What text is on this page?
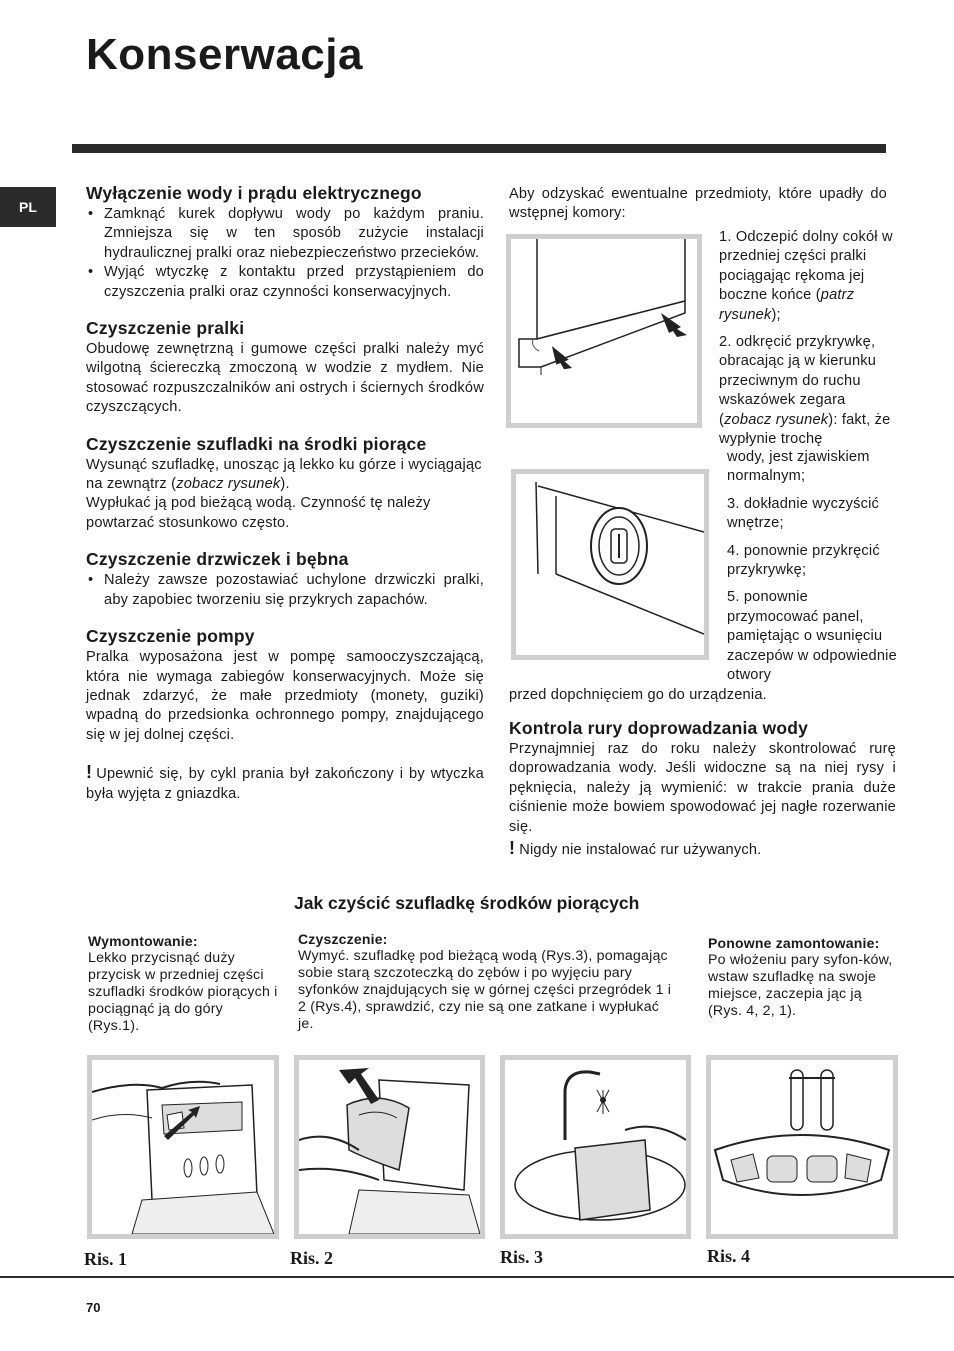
Konserwacja
PL
Wyłączenie wody i prądu elektrycznego
• Zamknąć kurek dopływu wody po każdym praniu. Zmniejsza się w ten sposób zużycie instalacji hydraulicznej pralki oraz niebezpieczeństwo przecieków.
• Wyjąć wtyczkę z kontaktu przed przystąpieniem do czyszczenia pralki oraz czynności konserwacyjnych.
Czyszczenie pralki
Obudowę zewnętrzną i gumowe części pralki należy myć wilgotną ściereczką zmoczoną w wodzie z mydłem. Nie stosować rozpuszczalników ani ostrych i ściernych środków czyszczących.
Czyszczenie szufladki na środki piorące
Wysunąć szufladkę, unosząc ją lekko ku górze i wyciągając na zewnątrz (zobacz rysunek).
Wypłukać ją pod bieżącą wodą. Czynność tę należy powtarzać stosunkowo często.
Czyszczenie drzwiczek i bębna
• Należy zawsze pozostawiać uchylone drzwiczki pralki, aby zapobiec tworzeniu się przykrych zapachów.
Czyszczenie pompy
Pralka wyposażona jest w pompę samooczyszczającą, która nie wymaga zabiegów konserwacyjnych. Może się jednak zdarzyć, że małe przedmioty (monety, guziki) wpadną do przedsionka ochronnego pompy, znajdującego się w jej dolnej części.
! Upewnić się, by cykl prania był zakończony i by wtyczka była wyjęta z gniazdka.
Aby odzyskać ewentualne przedmioty, które upadły do wstępnej komory:

1. Odczepić dolny cokół w przedniej części pralki pociągając rękoma jej boczne końce (patrz rysunek);

2. odkręcić przykrywkę, obracając ją w kierunku przeciwnym do ruchu wskazówek zegara (zobacz rysunek): fakt, że wypłynie trochę

wody, jest zjawiskiem normalnym;

3. dokładnie wyczyścić wnętrze;

4. ponownie przykręcić przykrywkę;

5. ponownie przymocować panel, pamiętając o wsunięciu zaczepów w odpowiednie otwory

przed dopchnięciem go do urządzenia.
Kontrola rury doprowadzania wody
Przynajmniej raz do roku należy skontrolować rurę doprowadzania wody. Jeśli widoczne są na niej rysy i pęknięcia, należy ją wymienić: w trakcie prania duże ciśnienie może bowiem spowodować jej nagłe rozerwanie się.
! Nigdy nie instalować rur używanych.
Jak czyścić szufladkę środków piorących
Wymontowanie:
Lekko przycisnąć duży przycisk w przedniej części szufladki środków piorących i pociągnąć ją do góry (Rys.1).
Czyszczenie:
Wymyć. szufladkę pod bieżącą wodą (Rys.3), pomagając sobie starą szczoteczką do zębów i po wyjęciu pary syfonków znajdujących się w górnej części przegródek 1 i 2 (Rys.4), sprawdzić, czy nie są one zatkane i wypłukać je.
Ponowne zamontowanie:
Po włożeniu pary syfon-ków, wstaw szufladkę na swoje miejsce, zaczepia jąc ją (Rys. 4, 2, 1).
Ris. 1	Ris. 2	Ris. 3	Ris. 4
70
